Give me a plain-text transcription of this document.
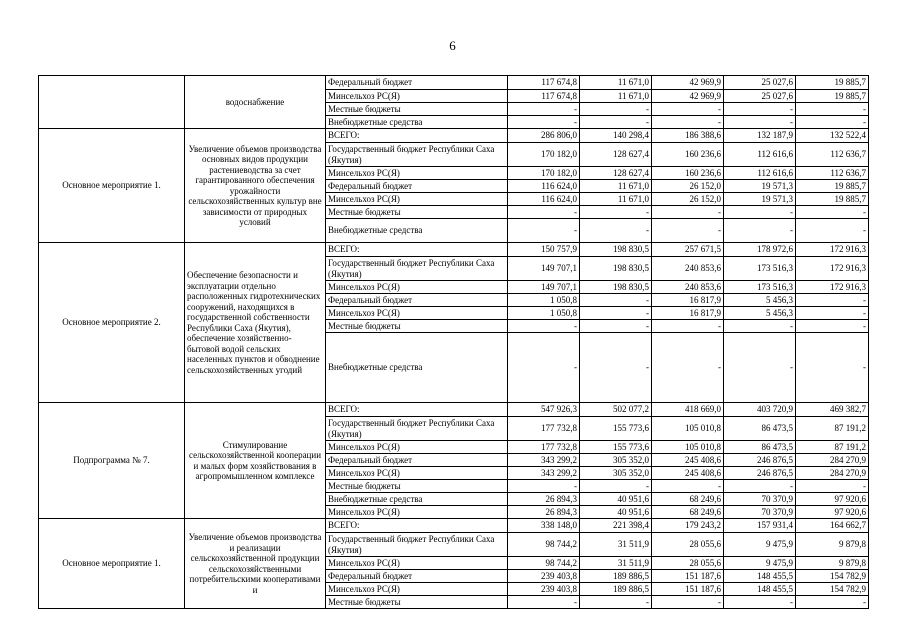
6
	водоснабжение	Федеральный бюджет	117 674,8	11 671,0	42 969,9	25 027,6	19 885,7
		Минсельхоз РС(Я)	117 674,8	11 671,0	42 969,9	25 027,6	19 885,7
		Местные бюджеты	-	-	-	-	-
		Внебюджетные средства	-	-	-	-	-
Основное мероприятие 1.	Увеличение объемов производства основных видов продукции растениеводства за счет гарантированного обеспечения урожайности сельскохозяйственных культур вне зависимости от природных условий	ВСЕГО:	286 806,0	140 298,4	186 388,6	132 187,9	132 522,4
		Государственный бюджет Республики Саха (Якутия)	170 182,0	128 627,4	160 236,6	112 616,6	112 636,7
		Минсельхоз РС(Я)	170 182,0	128 627,4	160 236,6	112 616,6	112 636,7
		Федеральный бюджет	116 624,0	11 671,0	26 152,0	19 571,3	19 885,7
		Минсельхоз РС(Я)	116 624,0	11 671,0	26 152,0	19 571,3	19 885,7
		Местные бюджеты	-	-	-	-	-
		Внебюджетные средства	-	-	-	-	-
Основное мероприятие 2.	Обеспечение безопасности и эксплуатации отдельно расположенных гидротехнических сооружений, находящихся в государственной собственности Республики Саха (Якутия), обеспечение хозяйственно-бытовой водой сельских населенных пунктов и обводнение сельскохозяйственных угодий	ВСЕГО:	150 757,9	198 830,5	257 671,5	178 972,6	172 916,3
		Государственный бюджет Республики Саха (Якутия)	149 707,1	198 830,5	240 853,6	173 516,3	172 916,3
		Минсельхоз РС(Я)	149 707,1	198 830,5	240 853,6	173 516,3	172 916,3
		Федеральный бюджет	1 050,8	-	16 817,9	5 456,3	-
		Минсельхоз РС(Я)	1 050,8	-	16 817,9	5 456,3	-
		Местные бюджеты	-	-	-	-	-
		Внебюджетные средства	-	-	-	-	-
Подпрограмма № 7.	Стимулирование сельскохозяйственной кооперации и малых форм хозяйствования в агропромышленном комплексе	ВСЕГО:	547 926,3	502 077,2	418 669,0	403 720,9	469 382,7
		Государственный бюджет Республики Саха (Якутия)	177 732,8	155 773,6	105 010,8	86 473,5	87 191,2
		Минсельхоз РС(Я)	177 732,8	155 773,6	105 010,8	86 473,5	87 191,2
		Федеральный бюджет	343 299,2	305 352,0	245 408,6	246 876,5	284 270,9
		Минсельхоз РС(Я)	343 299,2	305 352,0	245 408,6	246 876,5	284 270,9
		Местные бюджеты	-	-	-	-	-
		Внебюджетные средства	26 894,3	40 951,6	68 249,6	70 370,9	97 920,6
		Минсельхоз РС(Я)	26 894,3	40 951,6	68 249,6	70 370,9	97 920,6
Основное мероприятие 1.	Увеличение объемов производства и реализации сельскохозяйственной продукции сельскохозяйственными потребительскими кооперативами и	ВСЕГО:	338 148,0	221 398,4	179 243,2	157 931,4	164 662,7
		Государственный бюджет Республики Саха (Якутия)	98 744,2	31 511,9	28 055,6	9 475,9	9 879,8
		Минсельхоз РС(Я)	98 744,2	31 511,9	28 055,6	9 475,9	9 879,8
		Федеральный бюджет	239 403,8	189 886,5	151 187,6	148 455,5	154 782,9
		Минсельхоз РС(Я)	239 403,8	189 886,5	151 187,6	148 455,5	154 782,9
		Местные бюджеты	-	-	-	-	-
